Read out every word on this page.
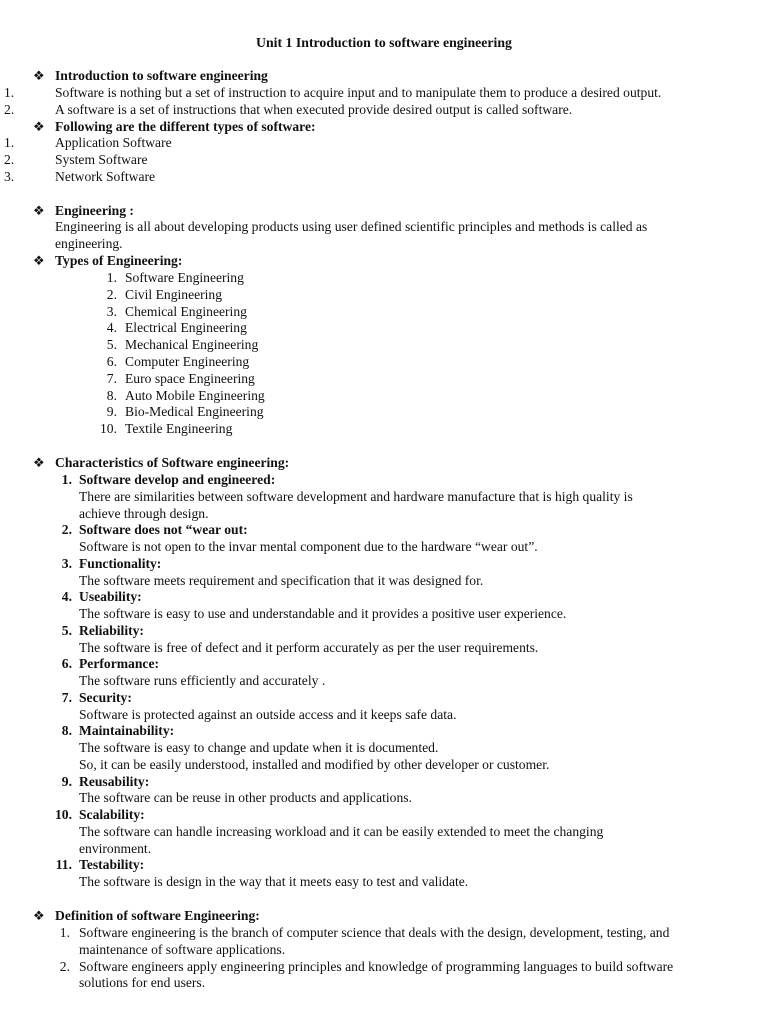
Unit 1 Introduction to software engineering
❖ Introduction to software engineering
1.	Software is nothing but a set of instruction to acquire input and to manipulate them to produce a desired output.
2.	A software is a set of instructions that when executed provide desired output is called software.
❖ Following are the different types of software:
1.	Application Software
2.	System Software
3.	Network Software
❖ Engineering :
Engineering is all about developing products using user defined scientific principles and methods is called as
engineering.
❖ Types of Engineering:
❖ Characteristics of Software engineering:
❖ Definition of software Engineering:
1. Software Engineering
2. Civil Engineering
3. Chemical Engineering
4. Electrical Engineering
5. Mechanical Engineering
6. Computer Engineering
7. Euro space Engineering
8. Auto Mobile Engineering
9. Bio-Medical Engineering
10. Textile Engineering
1. Software develop and engineered:
There are similarities between software development and hardware manufacture that is high quality is
achieve through design.
2. Software does not “wear out:
Software is not open to the invar mental component due to the hardware “wear out”.
3. Functionality:
The software meets requirement and specification that it was designed for.
4. Useability:
The software is easy to use and understandable and it provides a positive user experience.
5. Reliability:
The software is free of defect and it perform accurately as per the user requirements.
6. Performance:
The software runs efficiently and accurately .
7. Security:
Software is protected against an outside access and it keeps safe data.
8. Maintainability:
The software is easy to change and update when it is documented.
So, it can be easily understood, installed and modified by other developer or customer.
9. Reusability:
The software can be reuse in other products and applications.
10. Scalability:
The software can handle increasing workload and it can be easily extended to meet the changing
environment.
11. Testability:
The software is design in the way that it meets easy to test and validate.
1. Software engineering is the branch of computer science that deals with the design, development, testing, and
maintenance of software applications.
2. Software engineers apply engineering principles and knowledge of programming languages to build software
solutions for end users.
